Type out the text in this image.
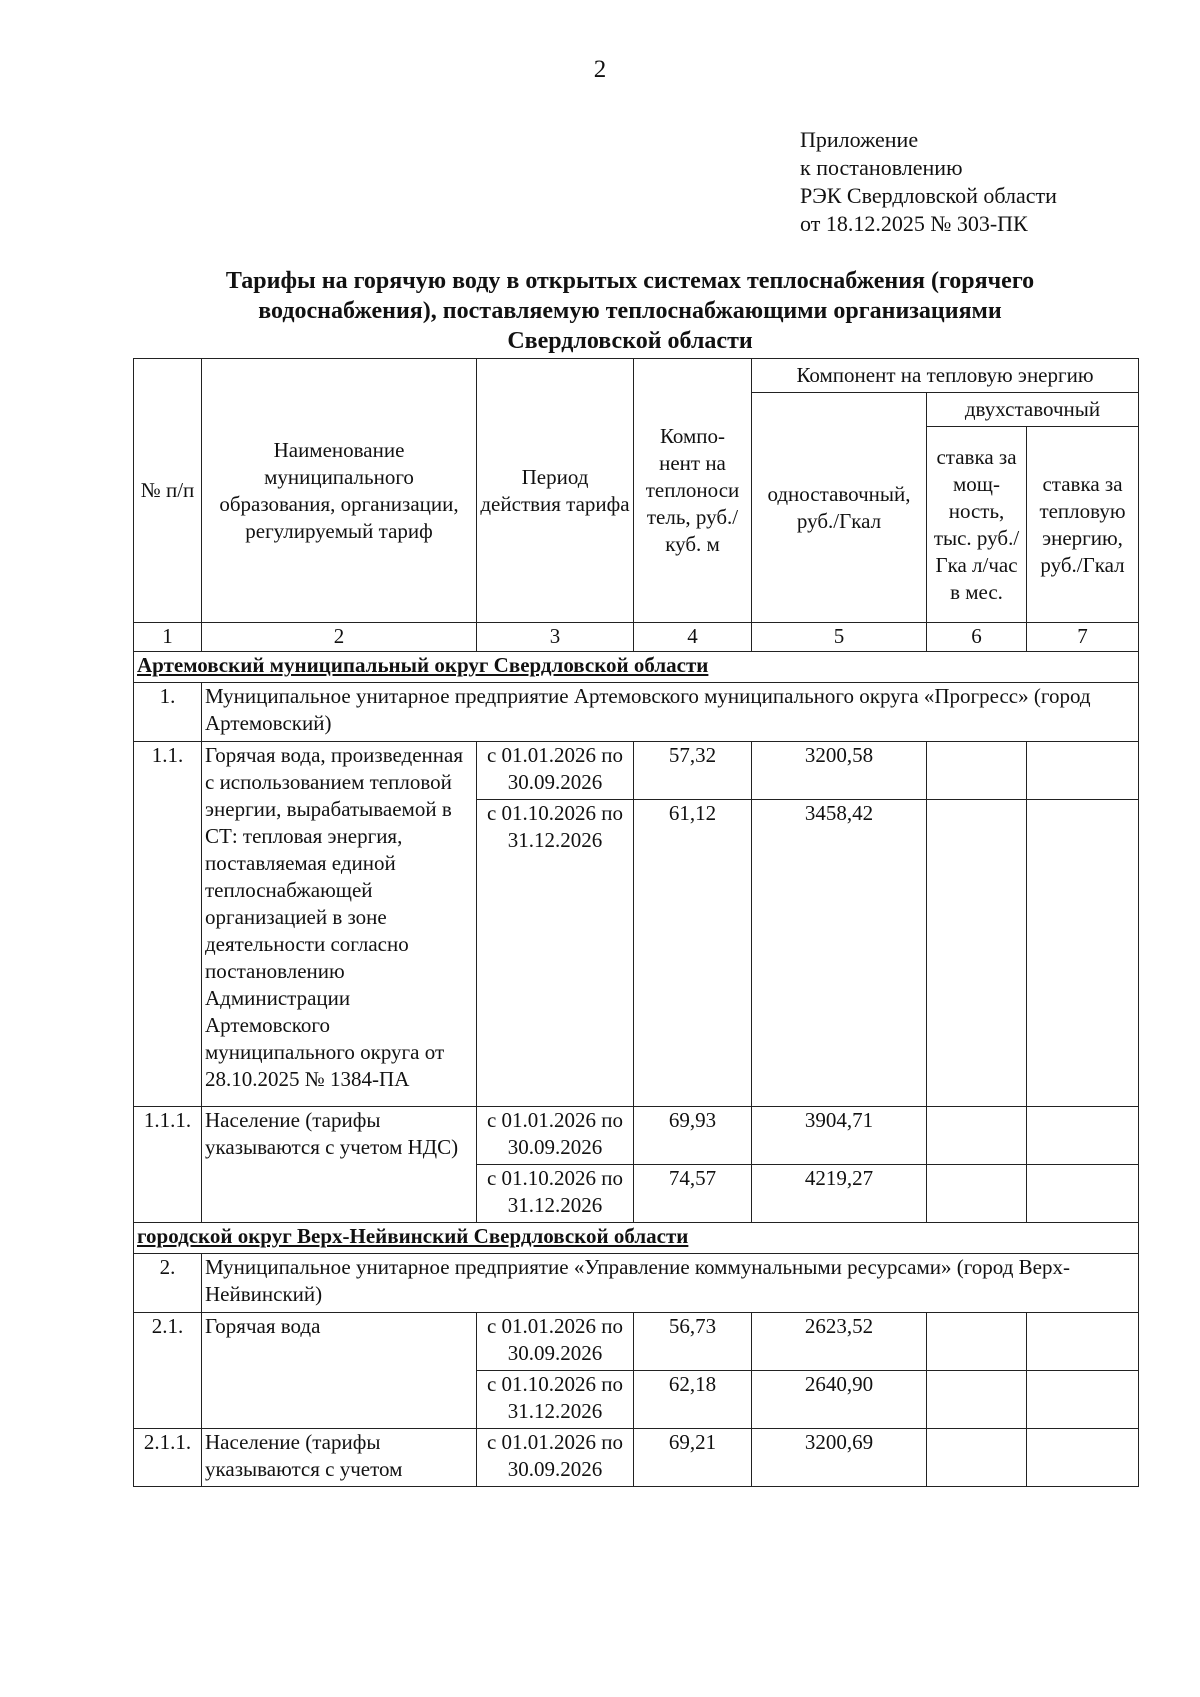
2
Приложение
к постановлению
РЭК Свердловской области
от 18.12.2025 № 303-ПК
Тарифы на горячую воду в открытых системах теплоснабжения (горячего
водоснабжения), поставляемую теплоснабжающими организациями
Свердловской области
№ п/п	Наименование муниципального образования, организации, регулируемый тариф	Период действия тарифа	Компо- нент на теплоноси тель, руб./куб. м	Компонент на тепловую энергию		
				одноставочный, руб./Гкал	двухставочный	
					ставка за мощ- ность, тыс. руб./Гка л/час в мес.	ставка за тепловую энергию, руб./Гкал
1	2	3	4	5	6	7
Артемовский муниципальный округ Свердловской области						
1.	Муниципальное унитарное предприятие Артемовского муниципального округа «Прогресс» (город Артемовский)					
1.1.	Горячая вода, произведенная с использованием тепловой энергии, вырабатываемой в СТ: тепловая энергия, поставляемая единой теплоснабжающей организацией в зоне деятельности согласно постановлению Администрации Артемовского муниципального округа от 28.10.2025 № 1384-ПА	с 01.01.2026 по 30.09.2026	57,32	3200,58		
		с 01.10.2026 по 31.12.2026	61,12	3458,42		
1.1.1.	Население (тарифы указываются с учетом НДС)	с 01.01.2026 по 30.09.2026	69,93	3904,71		
		с 01.10.2026 по 31.12.2026	74,57	4219,27		
городской округ Верх-Нейвинский Свердловской области						
2.	Муниципальное унитарное предприятие «Управление коммунальными ресурсами» (город Верх-Нейвинский)					
2.1.	Горячая вода	с 01.01.2026 по 30.09.2026	56,73	2623,52		
		с 01.10.2026 по 31.12.2026	62,18	2640,90		
2.1.1.	Население (тарифы указываются с учетом	с 01.01.2026 по 30.09.2026	69,21	3200,69		
